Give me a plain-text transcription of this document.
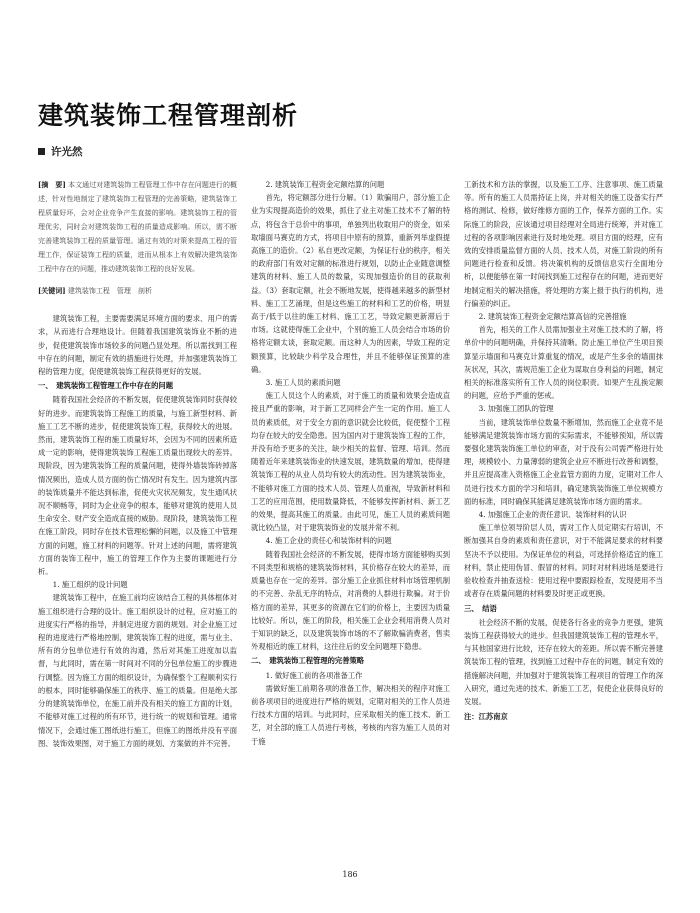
建筑装饰工程管理剖析
许光然

[摘　要] 本文通过对建筑装饰工程管理工作中存在问题进行的概述，针对性地制定了建筑装饰工程管理的完善策略，建筑装饰工程质量好坏，会对企业竞争产生直接的影响。建筑装饰工程的管理优劣，同时会对建筑装饰工程的质量造成影响。所以，需不断完善建筑装饰工程的质量管理。通过有效的对策来提高工程的管理工作，保证装饰工程的质量，进而从根本上有效解决建筑装饰工程中存在的问题，推动建筑装饰工程的良好发展。

[关键词] 建筑装饰工程　管理　剖析

建筑装饰工程，主要需要满足环境方面的要求、用户的需求，从而进行合理地设计。但随着我国建筑装饰业不断的进步，促使建筑装饰市场较多的问题凸显处理。所以需找到工程中存在的问题，制定有效的措施进行处理，并加强建筑装饰工程的管理力度，促使建筑装饰工程获得更好的发展。

一、　建筑装饰工程管理工作中存在的问题

随着我国社会经济的不断发展，促使建筑装饰同时获得较好的进步。而建筑装饰工程施工的质量，与施工新型材料、新施工工艺不断的进步，促使建筑装饰工程，获得较大的进展。然而，建筑装饰工程的施工质量好坏，会因为不同的因素所造成一定的影响，使得建筑装饰工程施工质量出现较大的差异。现阶段，因为建筑装饰工程的质量问题，使得外墙装饰砖掉落情况频出，造成人员方面的伤亡情况时有发生。因为建筑内部的装饰质量并不能达到标准，促使火灾状况频发，发生通风状况不顺畅等，同时为企业竞争的根本，能够对建筑的使用人员生命安全、财产安全造成直接的威胁。现阶段，建筑装饰工程在施工阶段，同时存在技术管理松懈的问题，以及施工中管理方面的问题，施工材料的问题等。针对上述的问题，需将建筑方面的装饰工程中，施工的管理工作作为主要的课题进行分析。

1. 施工组织的设计问题

建筑装饰工程中，在施工前均应该结合工程的具体框体对施工组织进行合理的设计。施工组织设计的过程，应对施工的进度实行严格的指导，并制定进度方面的规划。对企业施工过程的进度进行严格地控制，建筑装饰工程的进度，需与业主、所有的分包单位进行有效的沟通，然后对其施工进度加以监督，与此同时，需在第一时间对不同的分包单位施工的步骤进行调整。因为施工方面的组织设计，为确保整个工程顺利实行的根本，同时能够确保施工的秩序、施工的质量。但是绝大部分的建筑装饰单位，在施工前并没有相关的施工方面的计划，不能够对施工过程的所有环节，进行统一的规划和管理。通常情况下，会通过施工图纸进行施工，但施工的图纸并没有平面图、装饰效果图，对于施工方面的规划、方案做的并不完善。

2. 建筑装饰工程资金定额结算的问题

首先，将定额部分进行分解。（1）欺骗用户，部分施工企业为实现提高造价的效果，抓住了业主对施工技术不了解的特点，将包含于总价中的事项，单独列出收取用户的资金，如采取墙面马赛克的方式，将项目中原有的预算，重新列举虚假提高施工的造价。（2）私自更改定额，为保证行业的秩序，相关的政府部门有效对定额的标准进行规划，以防止企业随意调整建筑的材料、施工人员的数量，实现加强造价的目的获取利益。（3）套取定额，社会不断地发展，使得越来越多的新型材料、施工工艺涌现，但是这些施工的材料和工艺的价格，明显高于/低于以往的施工材料、施工工艺，导致定额更新滞后于市场。这就使得施工企业中，个别的施工人员会结合市场的价格将定额太谈，套取定额。而这种人为的因素，导致工程的定额预算，比较缺少科学及合理性，并且不能够保证预算的准确。

3. 施工人员的素质问题

施工人员这个人的素质，对于施工的质量和效果会造成直接且严重的影响，对于新工艺同样会产生一定的作用。施工人员的素质低，对于安全方面的意识就会比较低，促使整个工程均存在较大的安全隐患。因为国内对于建筑装饰工程的工作，并没有给予更多的关注，缺少相关的监督、管理、培训。然而随着近年来建筑装饰业的快速发展，建筑数量的增加，使得建筑装饰工程的从业人员均有较大的流动性。因为建筑装饰业，不能够对施工方面的技术人员、管理人员重视，导致新材料和工艺的应用范围，使用数量降低，不能够发挥新材料、新工艺的效果，提高其施工的质量。由此可见，施工人员的素质问题就比较凸显，对于建筑装饰业的发展并常不利。

4. 施工企业的责任心和装饰材料的问题

随着我国社会经济的不断发展，使得市场方面能够购买到不同类型和规格的建筑装饰材料，其价格存在较大的差异，而质量也存在一定的差异。部分施工企业抓住材料市场管理机制的不完善、杂乱无序的特点，对消费的人群进行欺骗。对于价格方面的差异，其更多的资源在它们的价格上，主要因为质量比较好。所以，施工的阶段，相关施工企业会利用消费人员对于知识的缺乏，以及建筑装饰市场的不了解欺骗消费者，售卖外观相近的施工材料，这往往后的安全问题埋下隐患。

二、　建筑装饰工程管理的完善策略

1. 做好施工前的各项准备工作

需做好施工前期各项的准备工作，解决相关的程序对施工前各项项目的进度进行严格的规划，定期对相关的工作人员进行技术方面的培训。与此同时，应采取相关的施工技术、新工艺，对全部的施工人员进行考核，考核的内容为施工人员的对于施

工新技术和方法的掌握，以及施工工序、注意事项、施工质量等。所有的施工人员需持证上岗，并对相关的施工设备实行严格的测试、检修，做好维修方面的工作，保养方面的工作。实际施工的阶段，应该通过项目经理对全局进行统筹，并对施工过程的各项影响因素进行及时地处理。项目方面的经理，应有效的安排质量监督方面的人员、技术人员，对施工阶段的所有问题进行检查和反馈。将决策机构的反馈信息实行全面地分析，以便能够在第一时间找到施工过程存在的问题，进而更好地制定相关的解决措施，将处理的方案上报于执行的机构，进行偏差的纠正。

2. 建筑装饰工程资金定额结算高信的完善措施

首先，相关的工作人员需加强业主对施工技术的了解，将单价中的问题明确，并保持其清晰。防止施工单位产生项目预算显示墙面和马赛克计算重复的情况，或是产生多余的墙面抹灰状况，其次，需规范施工企业为谋取自身利益的问题，制定相关的标准落实所有工作人员的岗位职责。如果产生乱换定额的问题，应给予严重的惩戒。

3. 加强施工团队的管理

当前，建筑装饰单位数量不断增加，然而施工企业竟不是能够满足建筑装饰市场方面的实际需求，不能够预知，所以需要强化建筑装饰施工单位的审查，对于没有公司需严格进行处理，规模较小、力量薄弱的建筑企业应不断进行改善和调整，并且应提高准入资格施工企业监管方面的力度，定期对工作人员进行技术方面的学习和培训，确定建筑装饰施工单位规模方面的标准，同时确保其能满足建筑装饰市场方面的需求。

4. 加强施工企业的责任意识、装饰材料的认识

施工单位领导阶层人员，需对工作人员定期实行培训，不断加强其自身的素质和责任意识，对于不能满足要求的材料要坚决不予以使用。为保证单位的利益，可选择价格适宜的施工材料，禁止使用伪冒、假冒的材料。同时对材料进场是要进行验收检查并抽查送检：使用过程中要跟踪检查，发现使用不当或者存在质量问题的材料要及时更正或更换。

三、　结语

社会经济不断的发展，促使各行各业的竞争力更强，建筑装饰工程获得较大的进步。但我国建筑装饰工程的管理水平，与其他国家进行比较，还存在较大的差距。所以需不断完善建筑装饰工程的管理，找到施工过程中存在的问题，制定有效的措施解决问题，并加强对于建筑装饰工程项目的管理工作的深入研究，通过先进的技术、新施工工艺，促使企业获得良好的发展。

注：江苏南京

186
